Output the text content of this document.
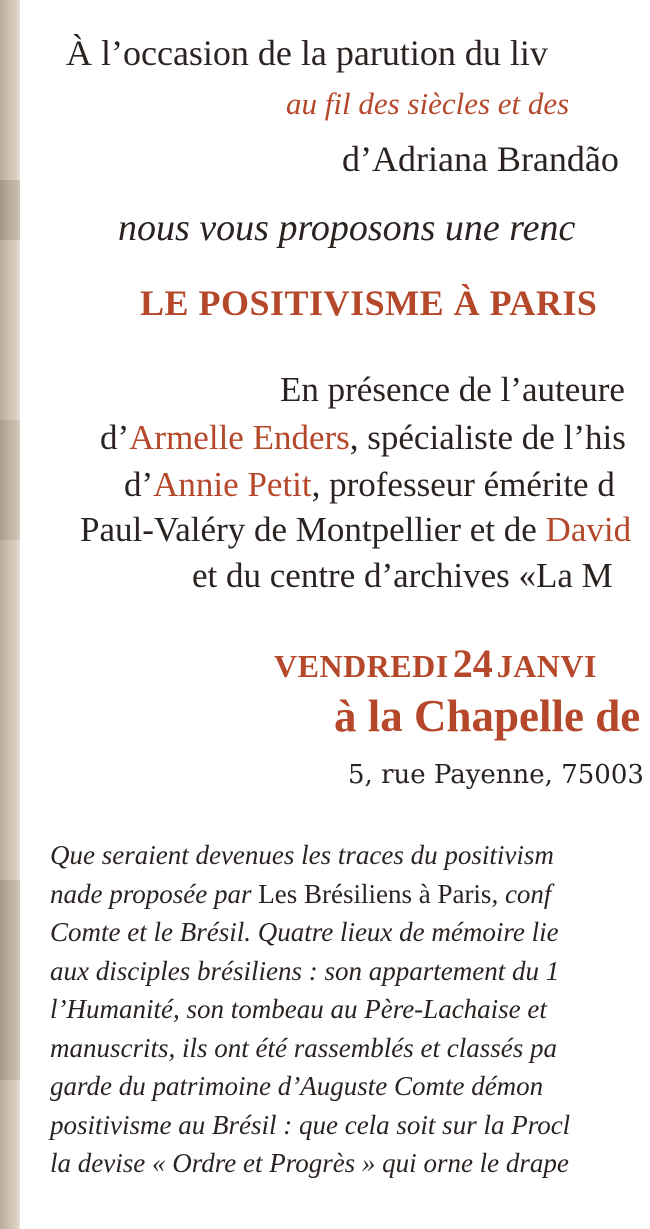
À l’occasion de la parution du liv

au fil des siècles et des

d’Adriana Brandão

nous vous proposons une renc

LE POSITIVISME À PARIS

En présence de l’auteure

d’Armelle Enders, spécialiste de l’his

d’Annie Petit, professeur émérite d

Paul-Valéry de Montpellier et de David

et du centre d’archives «La M

VENDREDI 24 JANVI

à la Chapelle de

5, rue Payenne, 75003

Que seraient devenues les traces du positivism
nade proposée par Les Brésiliens à Paris, conf
Comte et le Brésil. Quatre lieux de mémoire lie
aux disciples brésiliens : son appartement du 1
l’Humanité, son tombeau au Père-Lachaise et
manuscrits, ils ont été rassemblés et classés pa
garde du patrimoine d’Auguste Comte démon
positivisme au Brésil : que cela soit sur la Procl
la devise « Ordre et Progrès » qui orne le drape
